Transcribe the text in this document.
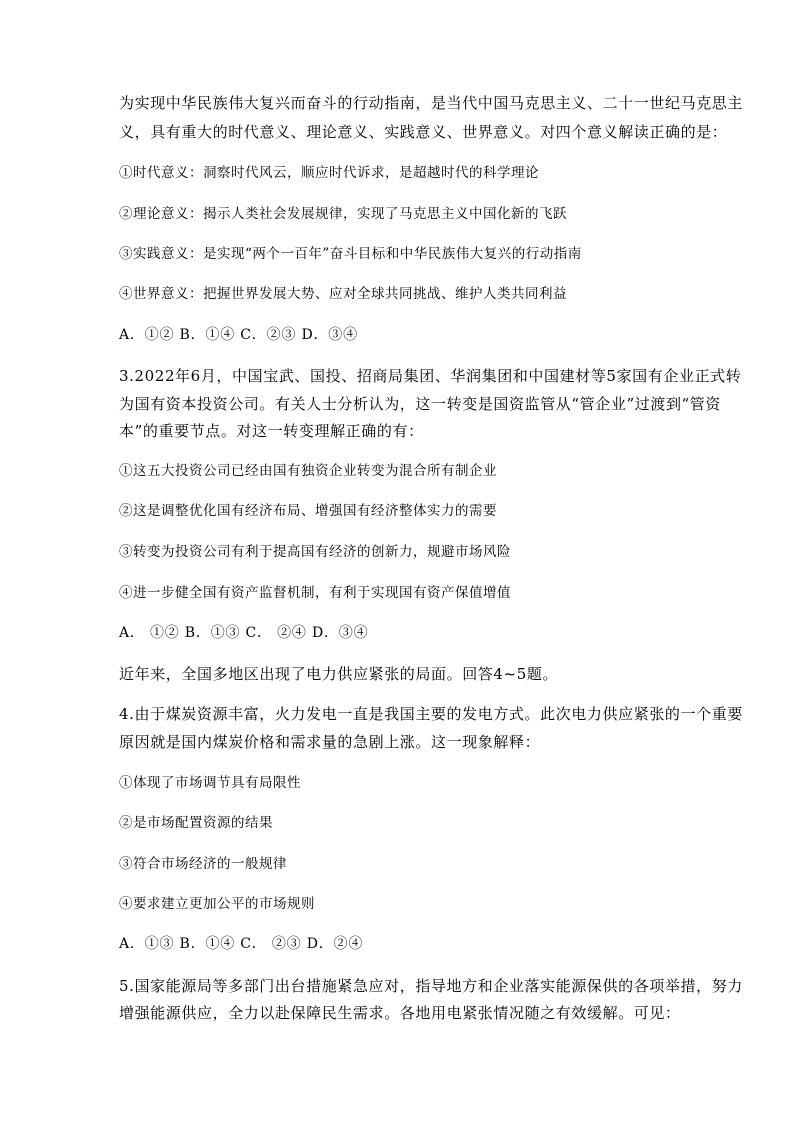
为实现中华民族伟大复兴而奋斗的行动指南，是当代中国马克思主义、二十一世纪马克思主
义，具有重大的时代意义、理论意义、实践意义、世界意义。对四个意义解读正确的是：
①时代意义：洞察时代风云，顺应时代诉求，是超越时代的科学理论
②理论意义：揭示人类社会发展规律，实现了马克思主义中国化新的飞跃
③实践意义：是实现“两个一百年”奋斗目标和中华民族伟大复兴的行动指南
④世界意义：把握世界发展大势、应对全球共同挑战、维护人类共同利益
A．①② B．①④ C．②③ D．③④
3.2022年6月，中国宝武、国投、招商局集团、华润集团和中国建材等5家国有企业正式转
为国有资本投资公司。有关人士分析认为，这一转变是国资监管从“管企业”过渡到“管资
本”的重要节点。对这一转变理解正确的有：
①这五大投资公司已经由国有独资企业转变为混合所有制企业
②这是调整优化国有经济布局、增强国有经济整体实力的需要
③转变为投资公司有利于提高国有经济的创新力，规避市场风险
④进一步健全国有资产监督机制，有利于实现国有资产保值增值
A． ①② B．①③ C． ②④ D．③④
近年来，全国多地区出现了电力供应紧张的局面。回答4~5题。
4.由于煤炭资源丰富，火力发电一直是我国主要的发电方式。此次电力供应紧张的一个重要
原因就是国内煤炭价格和需求量的急剧上涨。这一现象解释：
①体现了市场调节具有局限性
②是市场配置资源的结果
③符合市场经济的一般规律
④要求建立更加公平的市场规则
A．①③ B．①④ C． ②③ D．②④
5.国家能源局等多部门出台措施紧急应对，指导地方和企业落实能源保供的各项举措，努力
增强能源供应，全力以赴保障民生需求。各地用电紧张情况随之有效缓解。可见：
